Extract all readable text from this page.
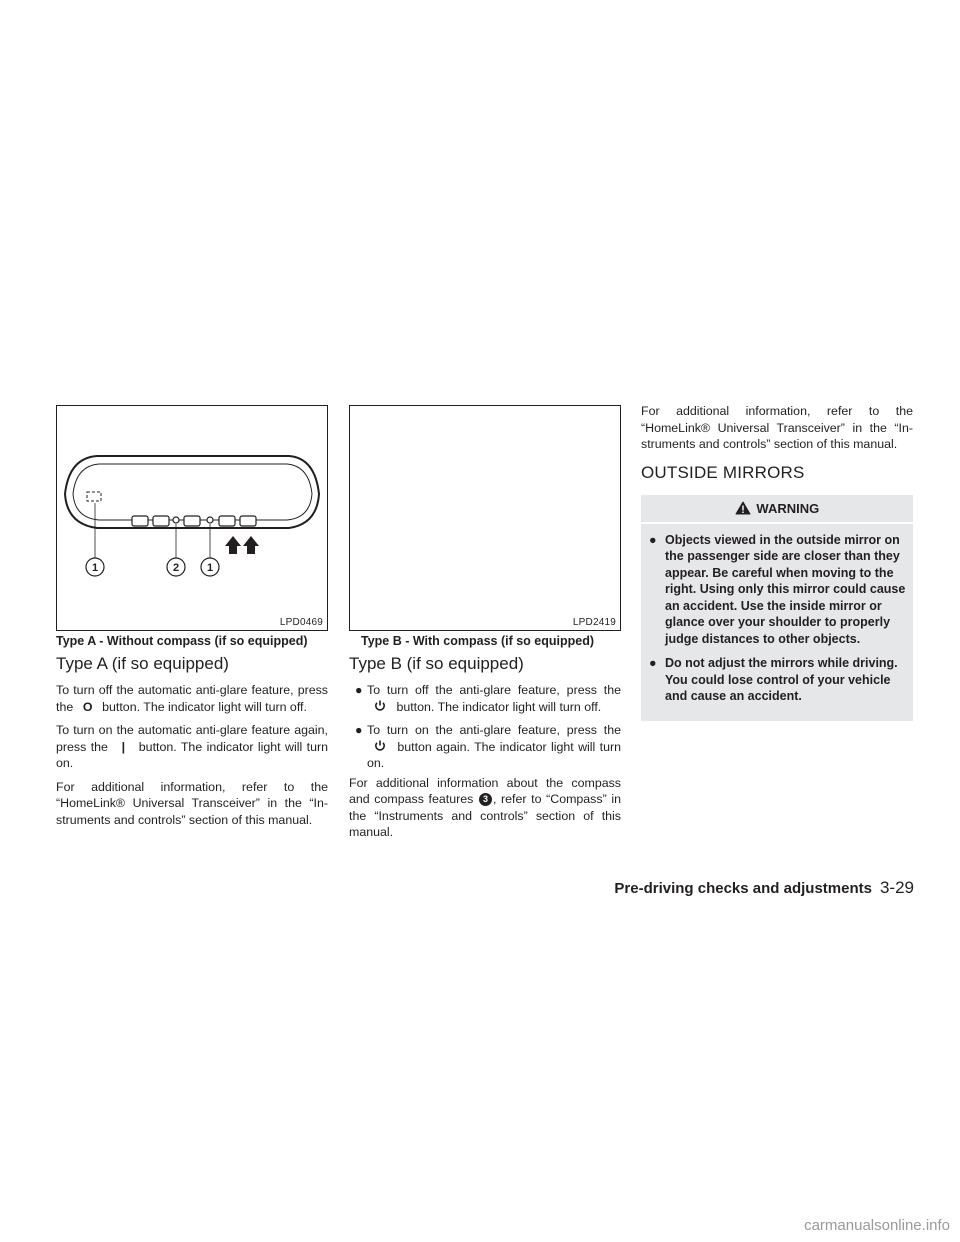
1	2	1
LPD0469
Type A - Without compass (if so equipped)
Type A (if so equipped)

To turn off the automatic anti-glare feature, press the O button. The indicator light will turn off.

To turn on the automatic anti-glare feature again, press the | button. The indicator light will turn on.

For additional information, refer to the “HomeLink® Universal Transceiver” in the “In- struments and controls” section of this manual.

LPD2419
Type B - With compass (if so equipped)
Type B (if so equipped)
● To turn off the anti-glare feature, press the  button. The indicator light will turn off.
● To turn on the anti-glare feature, press the  button again. The indicator light will turn on.

For additional information about the compass and compass features 3 , refer to “Compass” in the “Instruments and controls” section of this manual.

For additional information, refer to the “HomeLink® Universal Transceiver” in the “In- struments and controls” section of this manual.

OUTSIDE MIRRORS
WARNING
● Objects viewed in the outside mirror on the passenger side are closer than they appear. Be careful when moving to the right. Using only this mirror could cause an accident. Use the inside mirror or glance over your shoulder to properly judge distances to other objects.
● Do not adjust the mirrors while driving. You could lose control of your vehicle and cause an accident.
Pre-driving checks and adjustments 3-29
carmanualsonline.info
